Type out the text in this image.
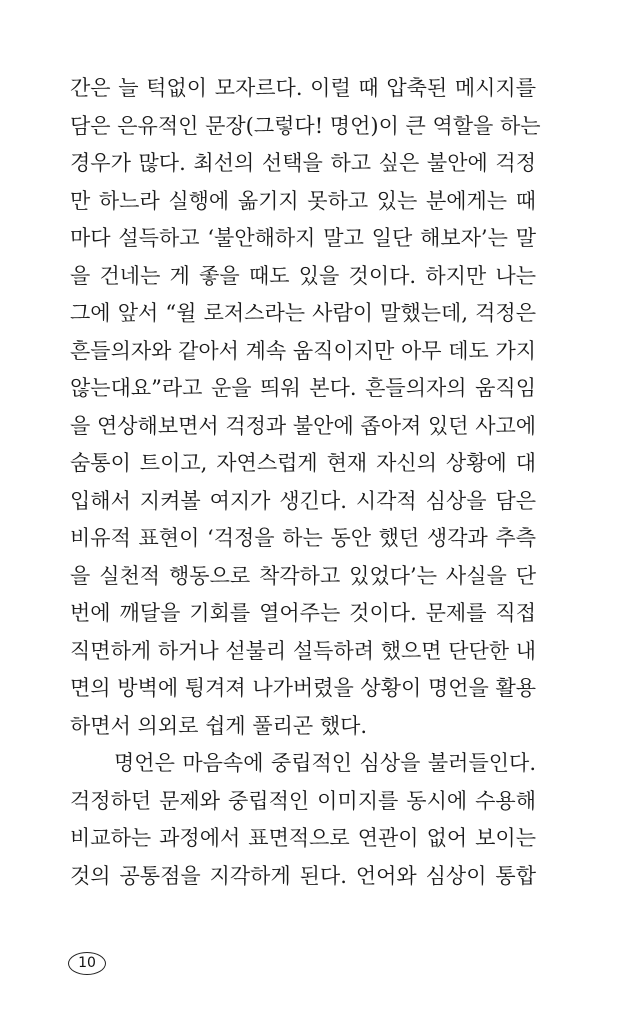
간은 늘 턱없이 모자르다. 이럴 때 압축된 메시지를
담은 은유적인 문장(그렇다! 명언)이 큰 역할을 하는
경우가 많다. 최선의 선택을 하고 싶은 불안에 걱정
만 하느라 실행에 옮기지 못하고 있는 분에게는 때
마다 설득하고 ‘불안해하지 말고 일단 해보자’는 말
을 건네는 게 좋을 때도 있을 것이다. 하지만 나는
그에 앞서 “윌 로저스라는 사람이 말했는데, 걱정은
흔들의자와 같아서 계속 움직이지만 아무 데도 가지
않는대요”라고 운을 띄워 본다. 흔들의자의 움직임
을 연상해보면서 걱정과 불안에 좁아져 있던 사고에
숨통이 트이고, 자연스럽게 현재 자신의 상황에 대
입해서 지켜볼 여지가 생긴다. 시각적 심상을 담은
비유적 표현이 ‘걱정을 하는 동안 했던 생각과 추측
을 실천적 행동으로 착각하고 있었다’는 사실을 단
번에 깨달을 기회를 열어주는 것이다. 문제를 직접
직면하게 하거나 섣불리 설득하려 했으면 단단한 내
면의 방벽에 튕겨져 나가버렸을 상황이 명언을 활용
하면서 의외로 쉽게 풀리곤 했다.
명언은 마음속에 중립적인 심상을 불러들인다.
걱정하던 문제와 중립적인 이미지를 동시에 수용해
비교하는 과정에서 표면적으로 연관이 없어 보이는
것의 공통점을 지각하게 된다. 언어와 심상이 통합
10
